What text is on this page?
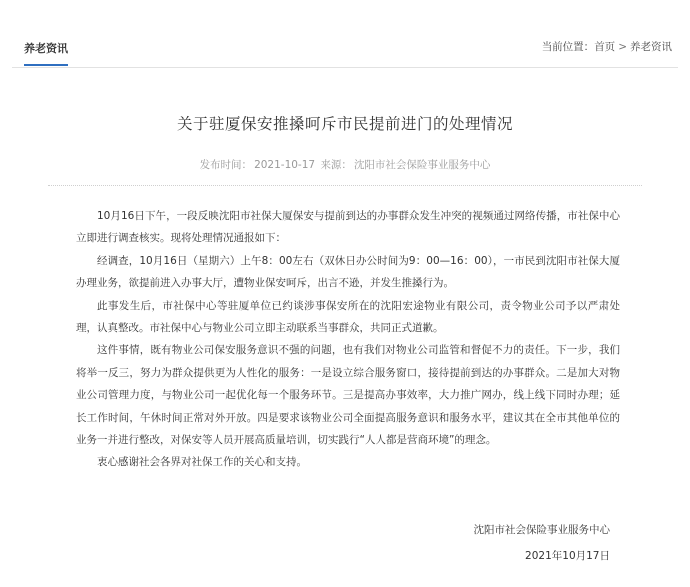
养老资讯	当前位置：首页 > 养老资讯
关于驻厦保安推搡呵斥市民提前进门的处理情况
发布时间： 2021-10-17 来源： 沈阳市社会保险事业服务中心

10月16日下午，一段反映沈阳市社保大厦保安与提前到达的办事群众发生冲突的视频通过网络传播，市社保中心立即进行调查核实。现将处理情况通报如下：

经调查，10月16日（星期六）上午8：00左右（双休日办公时间为9：00—16：00），一市民到沈阳市社保大厦办理业务，欲提前进入办事大厅，遭物业保安呵斥，出言不逊，并发生推搡行为。

此事发生后，市社保中心等驻厦单位已约谈涉事保安所在的沈阳宏途物业有限公司，责令物业公司予以严肃处理，认真整改。市社保中心与物业公司立即主动联系当事群众，共同正式道歉。

这件事情，既有物业公司保安服务意识不强的问题，也有我们对物业公司监管和督促不力的责任。下一步，我们将举一反三，努力为群众提供更为人性化的服务：一是设立综合服务窗口，接待提前到达的办事群众。二是加大对物业公司管理力度，与物业公司一起优化每一个服务环节。三是提高办事效率，大力推广网办，线上线下同时办理；延长工作时间，午休时间正常对外开放。四是要求该物业公司全面提高服务意识和服务水平，建议其在全市其他单位的业务一并进行整改，对保安等人员开展高质量培训，切实践行“人人都是营商环境”的理念。

衷心感谢社会各界对社保工作的关心和支持。

沈阳市社会保险事业服务中心
2021年10月17日
